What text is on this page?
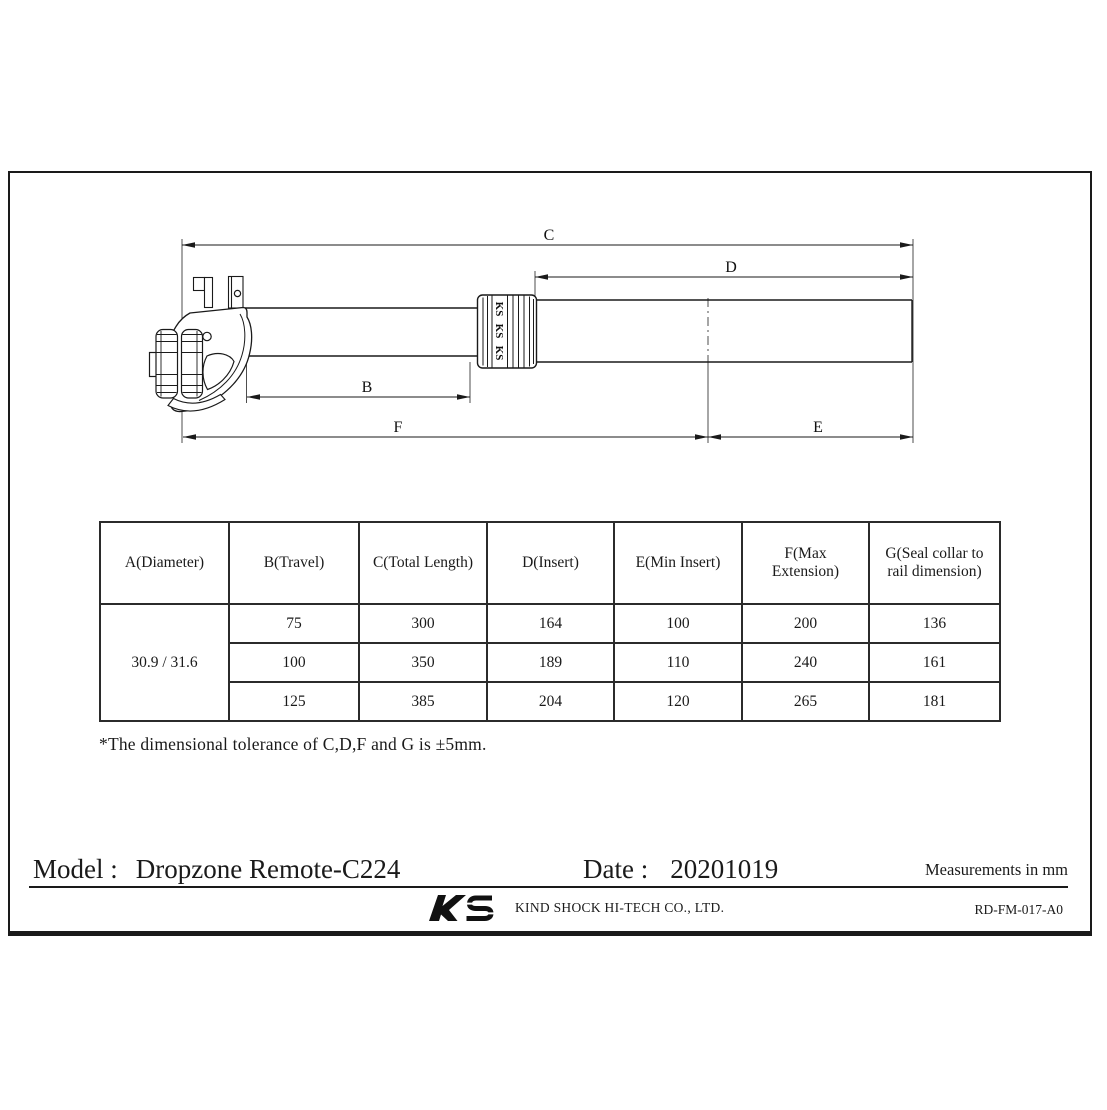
KS
KS
KS
C
D
B
F	E
A(Diameter)	B(Travel)	C(Total Length)	D(Insert)	E(Min Insert)	F(Max Extension)	G(Seal collar to rail dimension)
30.9 / 31.6	75	300	164	100	200	136
	100	350	189	110	240	161
	125	385	204	120	265	181
*The dimensional tolerance of C,D,F and G is ±5mm.
Model : Dropzone Remote-C224	Date : 20201019	Measurements in mm
KIND SHOCK HI-TECH CO., LTD.	RD-FM-017-A0
